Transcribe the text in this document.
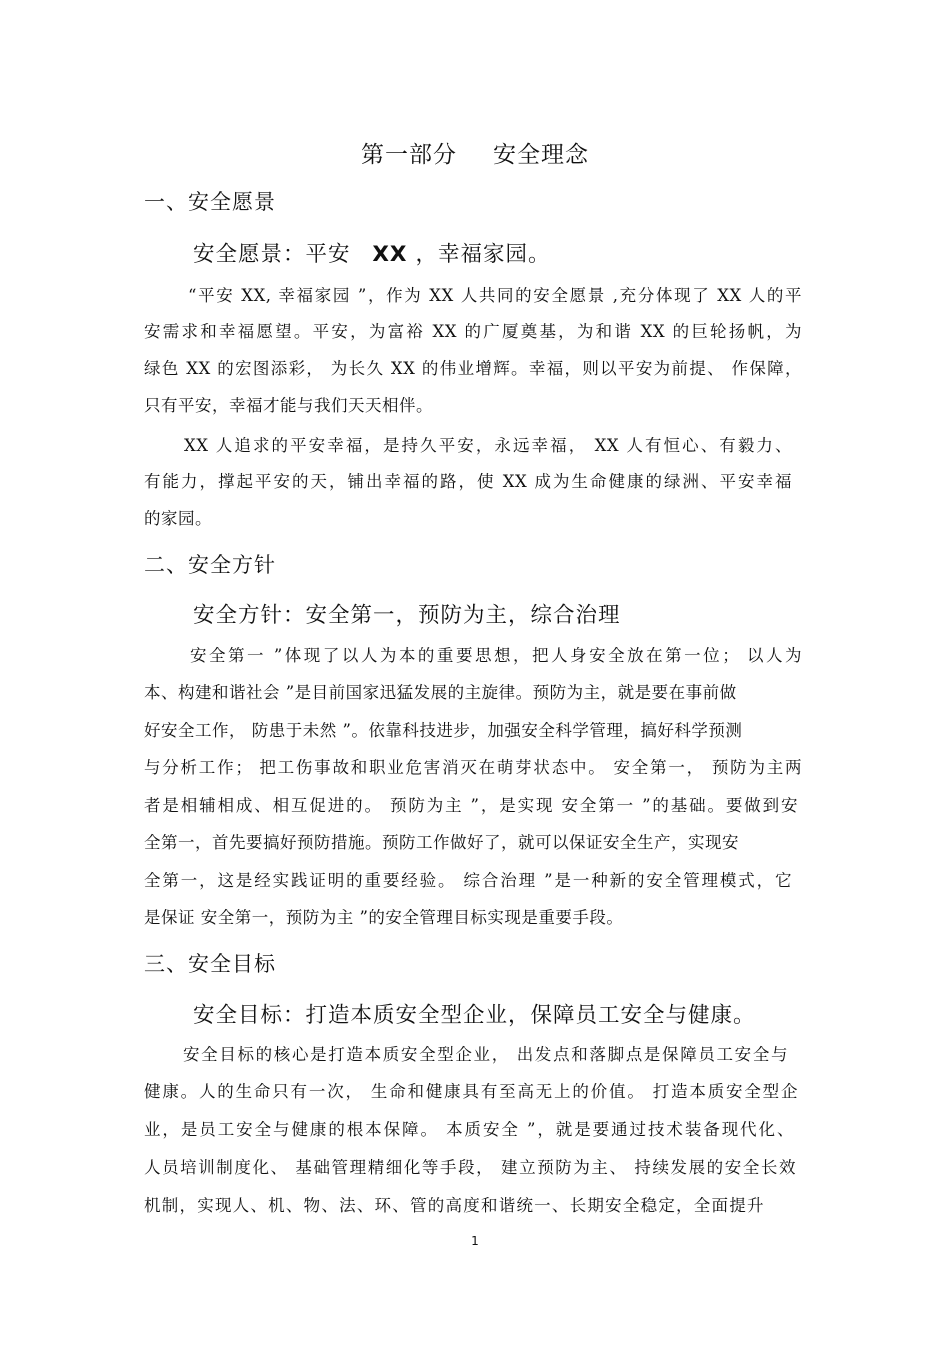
第一部分 安全理念
一、安全愿景
安全愿景：平安 XX ，幸福家园。
“平安 XX, 幸福家园 ”，作为 XX 人共同的安全愿景 ,充分体现了 XX 人的平
安需求和幸福愿望。平安，为富裕 XX 的广厦奠基，为和谐 XX 的巨轮扬帆，为
绿色 XX 的宏图添彩， 为长久 XX 的伟业增辉。幸福，则以平安为前提、 作保障，
只有平安，幸福才能与我们天天相伴。
XX 人追求的平安幸福，是持久平安，永远幸福， XX 人有恒心、有毅力、
有能力，撑起平安的天，铺出幸福的路，使 XX 成为生命健康的绿洲、平安幸福
的家园。
二、安全方针
安全方针：安全第一，预防为主，综合治理
安全第一 ”体现了以人为本的重要思想，把人身安全放在第一位； 以人为
本、构建和谐社会 ”是目前国家迅猛发展的主旋律。预防为主，就是要在事前做
好安全工作， 防患于未然 ”。依靠科技进步，加强安全科学管理，搞好科学预测
与分析工作； 把工伤事故和职业危害消灭在萌芽状态中。 安全第一， 预防为主两
者是相辅相成、相互促进的。 预防为主 ”，是实现 安全第一 ”的基础。要做到安
全第一，首先要搞好预防措施。预防工作做好了，就可以保证安全生产，实现安
全第一，这是经实践证明的重要经验。 综合治理 ”是一种新的安全管理模式，它
是保证 安全第一，预防为主 ”的安全管理目标实现是重要手段。
三、安全目标
安全目标：打造本质安全型企业，保障员工安全与健康。
安全目标的核心是打造本质安全型企业， 出发点和落脚点是保障员工安全与
健康。人的生命只有一次， 生命和健康具有至高无上的价值。 打造本质安全型企
业，是员工安全与健康的根本保障。 本质安全 ”，就是要通过技术装备现代化、
人员培训制度化、 基础管理精细化等手段， 建立预防为主、 持续发展的安全长效
机制，实现人、机、物、法、环、管的高度和谐统一、长期安全稳定，全面提升
1
